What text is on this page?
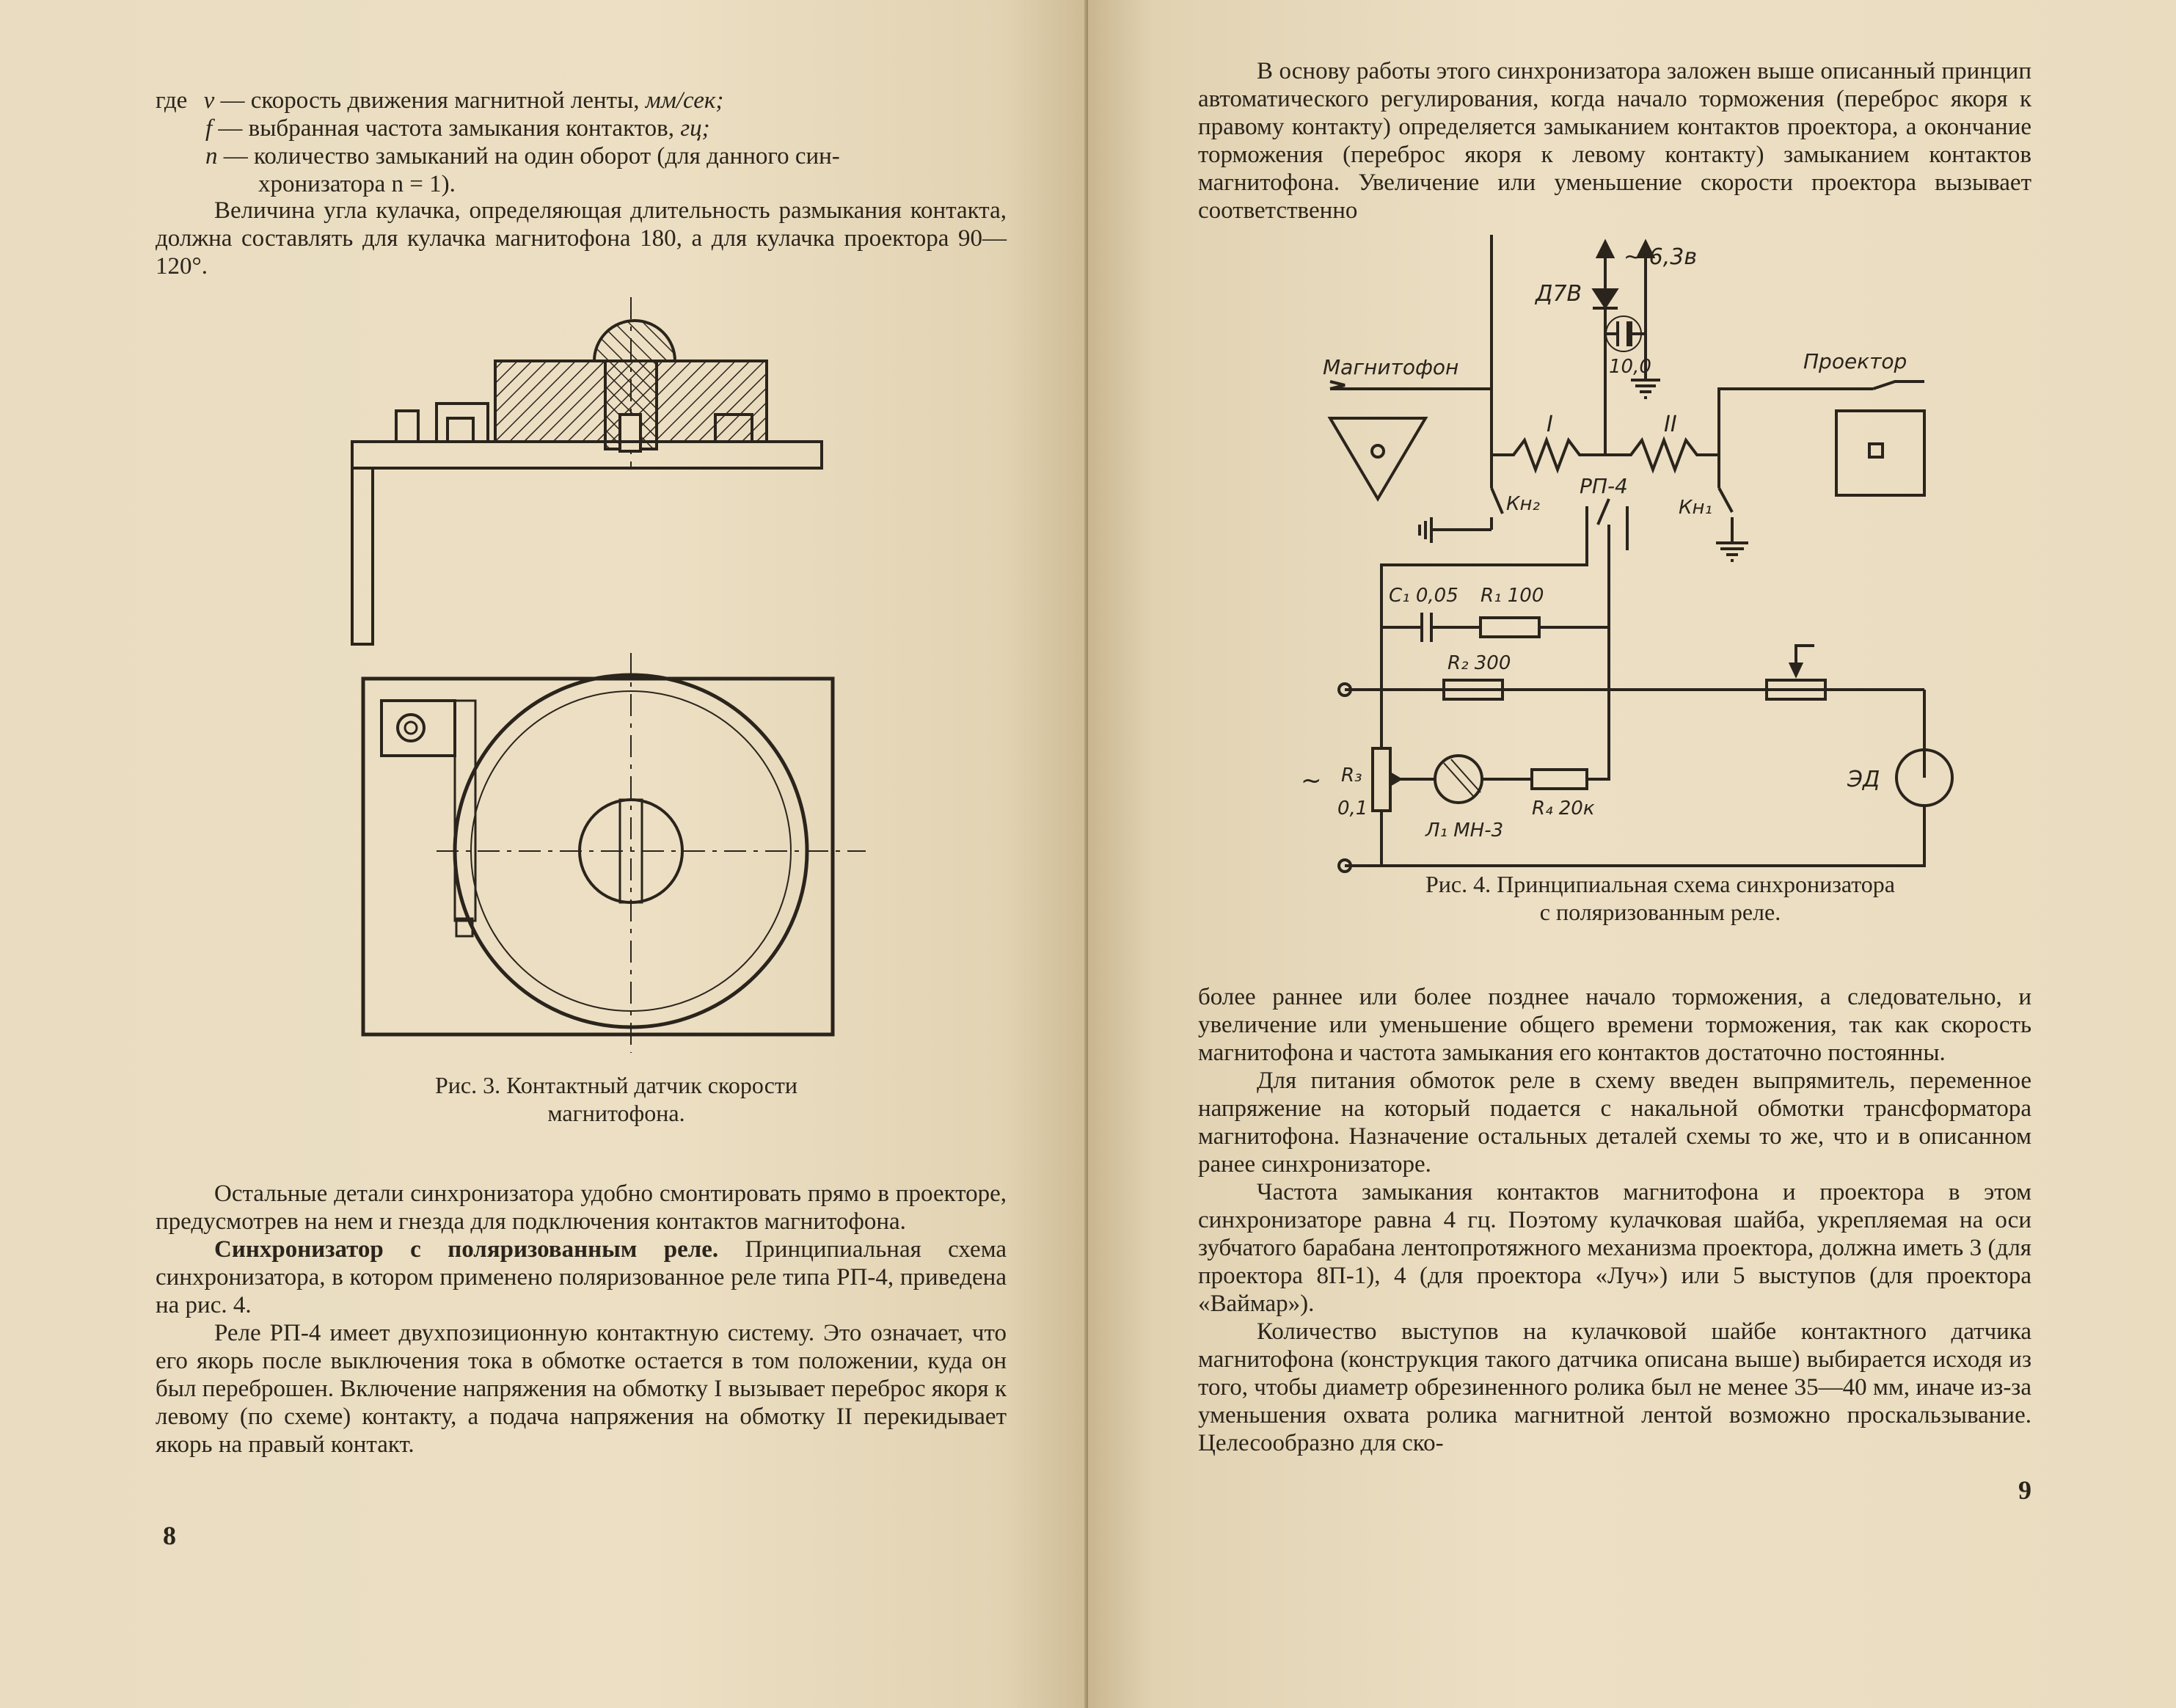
где v — скорость движения магнитной ленты, мм/сек;
f — выбранная частота замыкания контактов, гц;
n — количество замыканий на один оборот (для данного син-
хронизатора n = 1).

Величина угла кулачка, определяющая длительность размыкания контакта, должна составлять для кулачка магнитофона 180, а для кулачка проектора 90—120°.

Рис. 3. Контактный датчик скорости
магнитофона.

Остальные детали синхронизатора удобно смонтировать прямо в проекторе, предусмотрев на нем и гнезда для подключения контактов магнитофона.

Синхронизатор с поляризованным реле. Принципиальная схема синхронизатора, в котором применено поляризованное реле типа РП-4, приведена на рис. 4.

Реле РП-4 имеет двухпозиционную контактную систему. Это означает, что его якорь после выключения тока в обмотке остается в том положении, куда он был переброшен. Включение напряжения на обмотку I вызывает переброс якоря к левому (по схеме) контакту, а подача напряжения на обмотку II перекидывает якорь на правый контакт.

8

В основу работы этого синхронизатора заложен выше описанный принцип автоматического регулирования, когда начало торможения (переброс якоря к правому контакту) определяется замыканием контактов проектора, а окончание торможения (переброс якоря к левому контакту) замыканием контактов магнитофона. Увеличение или уменьшение скорости проектора вызывает соответственно

~ 6,3в
Д7В
Магнитофон	Проектор
10,0
I	II
РП-4
Кн₂	Кн₁
C₁ 0,05 R₁ 100
R₂ 300
R₃
0,1
Л₁ МН-3
R₄ 20к
ЭД
~
Рис. 4. Принципиальная схема синхронизатора
с поляризованным реле.

более раннее или более позднее начало торможения, а следовательно, и увеличение или уменьшение общего времени торможения, так как скорость магнитофона и частота замыкания его контактов достаточно постоянны.

Для питания обмоток реле в схему введен выпрямитель, переменное напряжение на который подается с накальной обмотки трансформатора магнитофона. Назначение остальных деталей схемы то же, что и в описанном ранее синхронизаторе.

Частота замыкания контактов магнитофона и проектора в этом синхронизаторе равна 4 гц. Поэтому кулачковая шайба, укрепляемая на оси зубчатого барабана лентопротяжного механизма проектора, должна иметь 3 (для проектора 8П-1), 4 (для проектора «Луч») или 5 выступов (для проектора «Ваймар»).

Количество выступов на кулачковой шайбе контактного датчика магнитофона (конструкция такого датчика описана выше) выбирается исходя из того, чтобы диаметр обрезиненного ролика был не менее 35—40 мм, иначе из-за уменьшения охвата ролика магнитной лентой возможно проскальзывание. Целесообразно для ско-

9
